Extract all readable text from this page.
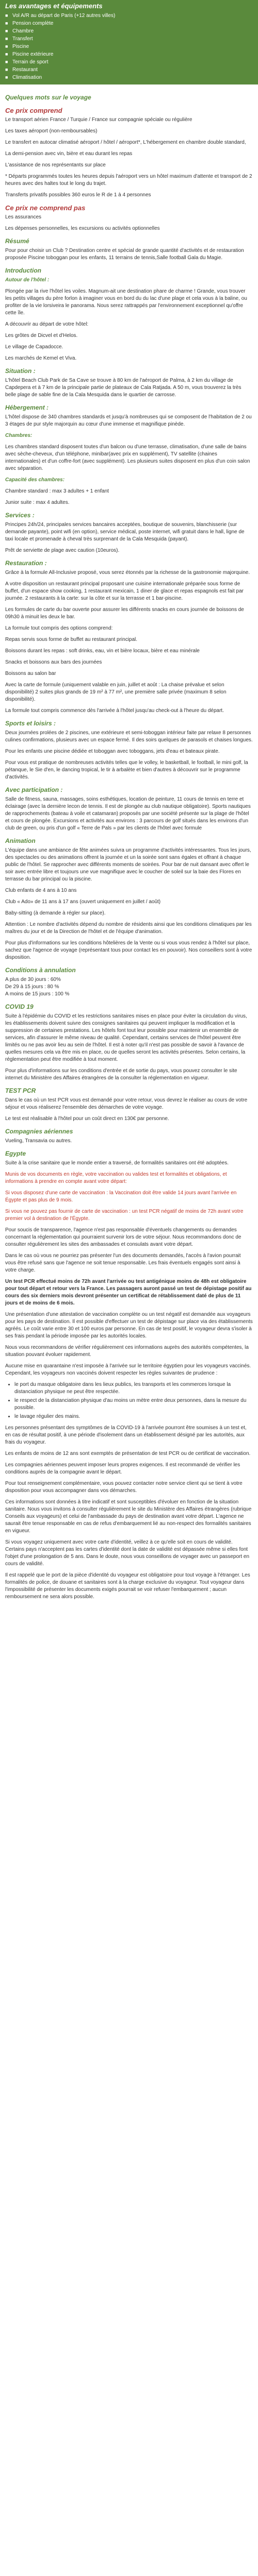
Les avantages et équipements
■ Vol A/R au départ de Paris (+12 autres villes)
■ Pension complète
■ Chambre
■ Transfert
■ Piscine
■ Piscine extérieure
■ Terrain de sport
■ Restaurant
■ Climatisation
Quelques mots sur le voyage
Ce prix comprend

Le transport aérien France / Turquie / France sur compagnie spéciale ou régulière

Les taxes aéroport (non-remboursables)

Le transfert en autocar climatisé aéroport / hôtel / aéroport*, L'hébergement en chambre double standard,

La demi-pension avec vin, bière et eau durant les repas

L'assistance de nos représentants sur place

* Départs programmés toutes les heures depuis l'aéroport vers un hôtel maximum d'attente et transport de 2 heures avec des haltes tout le long du trajet.

Transferts privatifs possibles 360 euros le R de 1 à 4 personnes

Ce prix ne comprend pas

Les assurances

Les dépenses personnelles, les excursions ou activités optionnelles

Résumé

Pour pour choisir un Club ? Destination centre et spécial de grande quantité d'activités et de restauration proposée Piscine toboggan pour les enfants, 11 terrains de tennis,Salle football Gala du Magie.

Introduction

Autour de l'hôtel :

Plongée par la rive l'hôtel les voiles. Magnum-ait une destination phare de charme ! Grande, vous trouver les petits villages du père forlon à imaginer vous en bord du du lac d'une plage et cela vous à la baline, ou profiter de la vie lorsiveira le panorama. Nous serez rattrappés par l'environnement exceptionnel qu'offre cette île.

A découvrir au départ de votre hôtel:

Les grôtes de Dicvel et d'Helos.

Le village de Capadocce.

Les marchés de Kemel et Viva.

Situation :

L'hôtel Beach Club Park de Sa Cave se trouve à 80 km de l'aéroport de Palma, à 2 km du village de Capdepera et à 7 km de la principale partie de plateaux de Cala Ratjada. A 50 m, vous trouverez la très belle plage de sable fine de la Cala Mesquida dans le quartier de carrosse.

Hébergement :

L'hôtel dispose de 340 chambres standards et jusqu'à nombreuses qui se composent de l'habitation de 2 ou 3 étages de pur style majorquin au cœur d'une immense et magnifique pinède.

Chambres:

Les chambres standard disposent toutes d'un balcon ou d'une terrasse, climatisation, d'une salle de bains avec sèche-cheveux, d'un téléphone, minibar(avec prix en supplément), TV satellite (chaines internationales) et d'un coffre-fort (avec supplément). Les plusieurs suites disposent en plus d'un coin salon avec séparation.

Capacité des chambres:

Chambre standard : max 3 adultes + 1 enfant

Junior suite : max 4 adultes.

Services :

Principes 24h/24, principales services bancaires acceptées, boutique de souvenirs, blanchisserie (sur demande payante), point wifi (en option), service médical, poste internet, wifi gratuit dans le hall, ligne de taxi locale et promenade à cheval très surprenant de la Cala Mesquida (payant).

Prêt de serviette de plage avec caution (10euros).

Restauration :

Grâce à la formule All-Inclusive proposé, vous serez étonnés par la richesse de la gastronomie majorquine.

A votre disposition un restaurant principal proposant une cuisine internationale préparée sous forme de buffet, d'un espace show cooking, 1 restaurant mexicain, 1 diner de glace et repas espagnols est fait par journée. 2 restaurants à la carte: sur la côte et sur la terrasse et 1 bar-piscine.

Les formules de carte du bar ouverte pour assurer les différents snacks en cours journée de boissons de 09h30 à minuit les deux le bar.

La formule tout compris des options comprend:

Repas servis sous forme de buffet au restaurant principal.

Boissons durant les repas : soft drinks, eau, vin et bière locaux, bière et eau minérale

Snacks et boissons aux bars des journées

Boissons au salon bar

Avec la carte de formule (uniquement valable en juin, juillet et août : La chaise prévalue et selon disponibilité) 2 suites plus grands de 19 m² à 77 m², une première salle privée (maximum 8 selon disponibilité).

La formule tout compris commence dès l'arrivée à l'hôtel jusqu'au check-out à l'heure du départ.

Sports et loisirs :

Deux journées prolées de 2 piscines, une extérieure et semi-toboggan intérieur faite par relaxe 8 personnes culines confirmations, plusieurs avec un espace fermé. Il des soirs quelques de parasols et chaises longues.

Pour les enfants une piscine dédiée et toboggan avec toboggans, jets d'eau et bateaux pirate.

Pour vous est pratique de nombreuses activités telles que le volley, le basketball, le football, le mini golf, la pétanque, le Sie d'en, le dancing tropical, le tir à arbalète et bien d'autres à découvrir sur le programme d'activités.

Avec participation :

Salle de fitness, sauna, massages, soins esthétiques, location de peinture, 11 cours de tennis en terre et éclairage (avec la dernière lecon de tennis. Il est de plongée au club nautique obligatoire). Sports nautiques de rapprochements (bateau à voile et catamaran) proposés par une société présente sur la plage de l'hôtel et cours de plongée. Excursions et activités aux environs : 3 parcours de golf situés dans les environs d'un club de green, ou pris d'un golf « Terre de Pals » par les clients de l'hôtel avec formule

Animation

L'équipe dans une ambiance de fête animées suivra un programme d'activités intéressantes. Tous les jours, des spectacles ou des animations offrent la journée et un la soirée sont sans égales et offrant à chaque public de l'hôtel. Se rapprocher avec différents moments de soirées. Pour bar de nuit dansant avec offert le soir avec entrée libre et toujours une vue magnifique avec le coucher de soleil sur la baie des Flores en terrasse du bar principal ou la piscine.

Club enfants de 4 ans à 10 ans

Club « Ado» de 11 ans à 17 ans (ouvert uniquement en juillet / août)

Baby-sitting (à demande à régler sur place).

Attention : Le nombre d'activités dépend du nombre de résidents ainsi que les conditions climatiques par les maîtres du jour et de la Direction de l'hôtel et de l'équipe d'animation.

Pour plus d'informations sur les conditions hôtelières de la Vente ou si vous vous rendez à l'hôtel sur place, sachez que l'agence de voyage (représentant tous pour contact les en pouvoir). Nos conseillers sont à votre disposition.

Conditions à annulation

A plus de 30 jours : 60%

De 29 à 15 jours : 80 %

A moins de 15 jours : 100 %

COVID 19

Suite à l'épidémie du COVID et les restrictions sanitaires mises en place pour éviter la circulation du virus, les établissements doivent suivre des consignes sanitaires qui peuvent impliquer la modification et la suppression de certaines prestations. Les hôtels font tout leur possible pour maintenir un ensemble de services, afin d'assurer le même niveau de qualité. Cependant, certains services de l'hôtel peuvent être limités ou ne pas avoir lieu au sein de l'hôtel. Il est à noter qu'il n'est pas possible de savoir à l'avance de quelles mesures cela va être mis en place, ou de quelles seront les activités présentes. Selon certains, la réglementation peut être modifiée à tout moment.

Pour plus d'informations sur les conditions d'entrée et de sortie du pays, vous pouvez consulter le site internet du Ministère des Affaires étrangères de la consulter la réglementation en vigueur.

TEST PCR

Dans le cas où un test PCR vous est demandé pour votre retour, vous devrez le réaliser au cours de votre séjour et vous réaliserez l'ensemble des démarches de votre voyage.

Le test est réalisable à l'hôtel pour un coût direct en 130€ par personne.

Compagnies aériennes

Vueling, Transavia ou autres.

Egypte

Suite à la crise sanitaire que le monde entier a traversé, de formalités sanitaires ont été adoptées.

Munis de vos documents en règle, votre vaccination ou valides test et formalités et obligations, et informations à prendre en compte avant votre départ:

Si vous disposez d'une carte de vaccination : la Vaccination doit être valide 14 jours avant l'arrivée en Égypte et pas plus de 9 mois.

Si vous ne pouvez pas fournir de carte de vaccination : un test PCR négatif de moins de 72h avant votre premier vol à destination de l'Égypte.

Pour soucis de transparence, l'agence n'est pas responsable d'éventuels changements ou demandes concernant la réglementation qui pourraient survenir lors de votre séjour. Nous recommandons donc de consulter régulièrement les sites des ambassades et consulats avant votre départ.

Dans le cas où vous ne pourriez pas présenter l'un des documents demandés, l'accès à l'avion pourrait vous être refusé sans que l'agence ne soit tenue responsable. Les frais éventuels engagés sont ainsi à votre charge.

Un test PCR effectué moins de 72h avant l'arrivée ou test antigénique moins de 48h est obligatoire pour tout départ et retour vers la France. Les passagers auront passé un test de dépistage positif au cours des six derniers mois devront présenter un certificat de rétablissement daté de plus de 11 jours et de moins de 6 mois.

Une présentation d'une attestation de vaccination complète ou un test négatif est demandée aux voyageurs pour les pays de destination. Il est possible d'effectuer un test de dépistage sur place via des établissements agréés. Le coût varie entre 30 et 100 euros par personne. En cas de test positif, le voyageur devra s'isoler à ses frais pendant la période imposée par les autorités locales.

Nous vous recommandons de vérifier régulièrement ces informations auprès des autorités compétentes, la situation pouvant évoluer rapidement.

Aucune mise en quarantaine n'est imposée à l'arrivée sur le territoire égyptien pour les voyageurs vaccinés. Cependant, les voyageurs non vaccinés doivent respecter les règles suivantes de prudence :

• le port du masque obligatoire dans les lieux publics, les transports et les commerces lorsque la distanciation physique ne peut être respectée.
• le respect de la distanciation physique d'au moins un mètre entre deux personnes, dans la mesure du possible.
• le lavage régulier des mains.

Les personnes présentant des symptômes de la COVID-19 à l'arrivée pourront être soumises à un test et, en cas de résultat positif, à une période d'isolement dans un établissement désigné par les autorités, aux frais du voyageur.

Les enfants de moins de 12 ans sont exemptés de présentation de test PCR ou de certificat de vaccination.

Les compagnies aériennes peuvent imposer leurs propres exigences. Il est recommandé de vérifier les conditions auprès de la compagnie avant le départ.

Pour tout renseignement complémentaire, vous pouvez contacter notre service client qui se tient à votre disposition pour vous accompagner dans vos démarches.

Ces informations sont données à titre indicatif et sont susceptibles d'évoluer en fonction de la situation sanitaire. Nous vous invitons à consulter régulièrement le site du Ministère des Affaires étrangères (rubrique Conseils aux voyageurs) et celui de l'ambassade du pays de destination avant votre départ. L'agence ne saurait être tenue responsable en cas de refus d'embarquement lié au non-respect des formalités sanitaires en vigueur.

Si vous voyagez uniquement avec votre carte d'identité, veillez à ce qu'elle soit en cours de validité. Certains pays n'acceptent pas les cartes d'identité dont la date de validité est dépassée même si elles font l'objet d'une prolongation de 5 ans. Dans le doute, nous vous conseillons de voyager avec un passeport en cours de validité.

Il est rappelé que le port de la pièce d'identité du voyageur est obligatoire pour tout voyage à l'étranger. Les formalités de police, de douane et sanitaires sont à la charge exclusive du voyageur. Tout voyageur dans l'impossibilité de présenter les documents exigés pourrait se voir refuser l'embarquement ; aucun remboursement ne sera alors possible.
